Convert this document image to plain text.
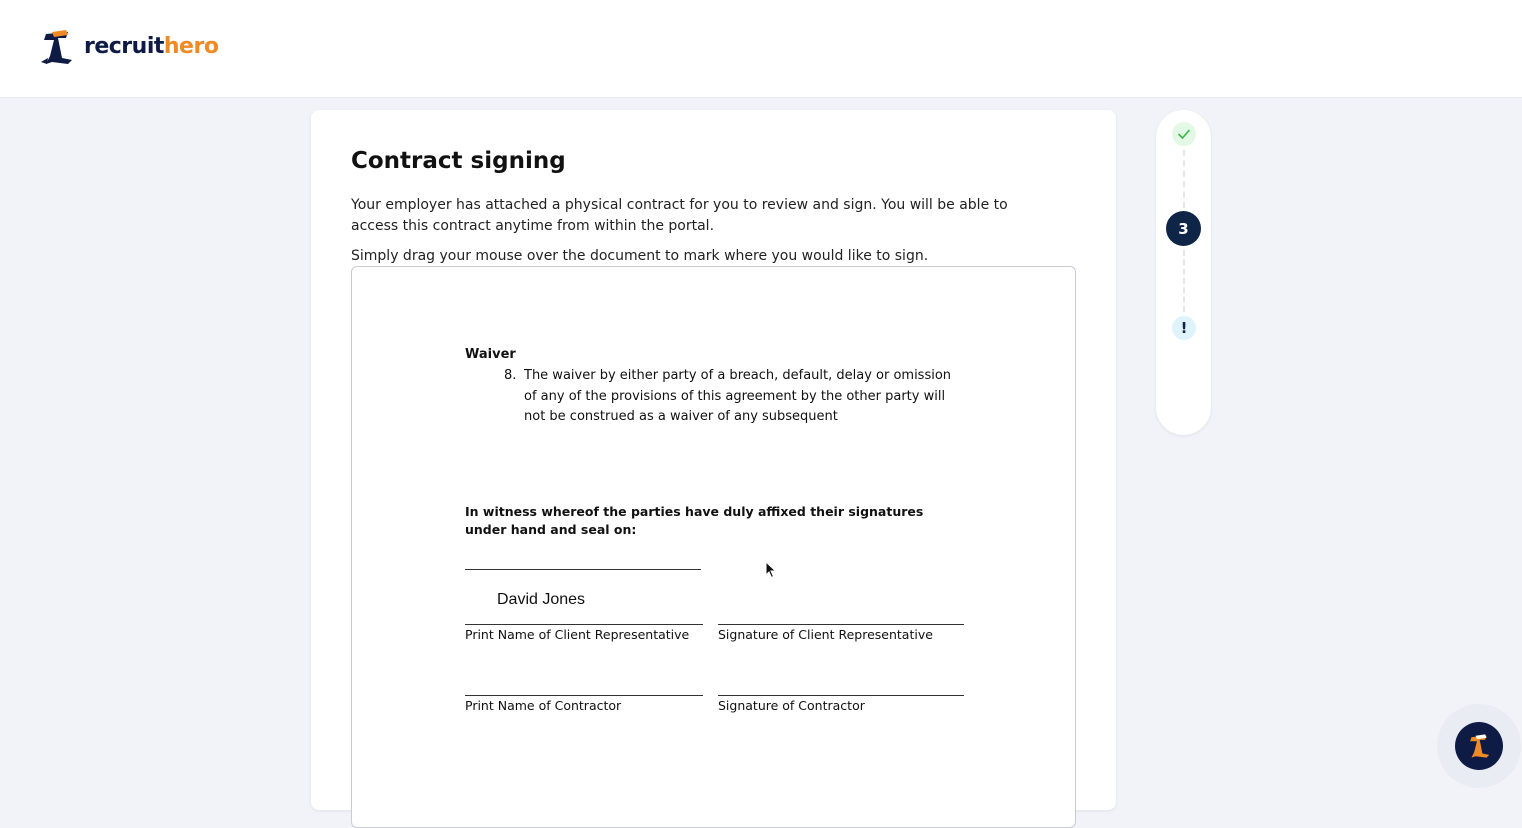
recruithero
Contract signing

Your employer has attached a physical contract for you to review and sign. You will be able to access this contract anytime from within the portal.

Simply drag your mouse over the document to mark where you would like to sign.

Waiver
8. The waiver by either party of a breach, default, delay or omission of any of the provisions of this agreement by the other party will not be construed as a waiver of any subsequent

In witness whereof the parties have duly affixed their signatures under hand and seal on:

David Jones
Print Name of Client Representative Signature of Client Representative
Print Name of Contractor	Signature of Contractor
3
!
